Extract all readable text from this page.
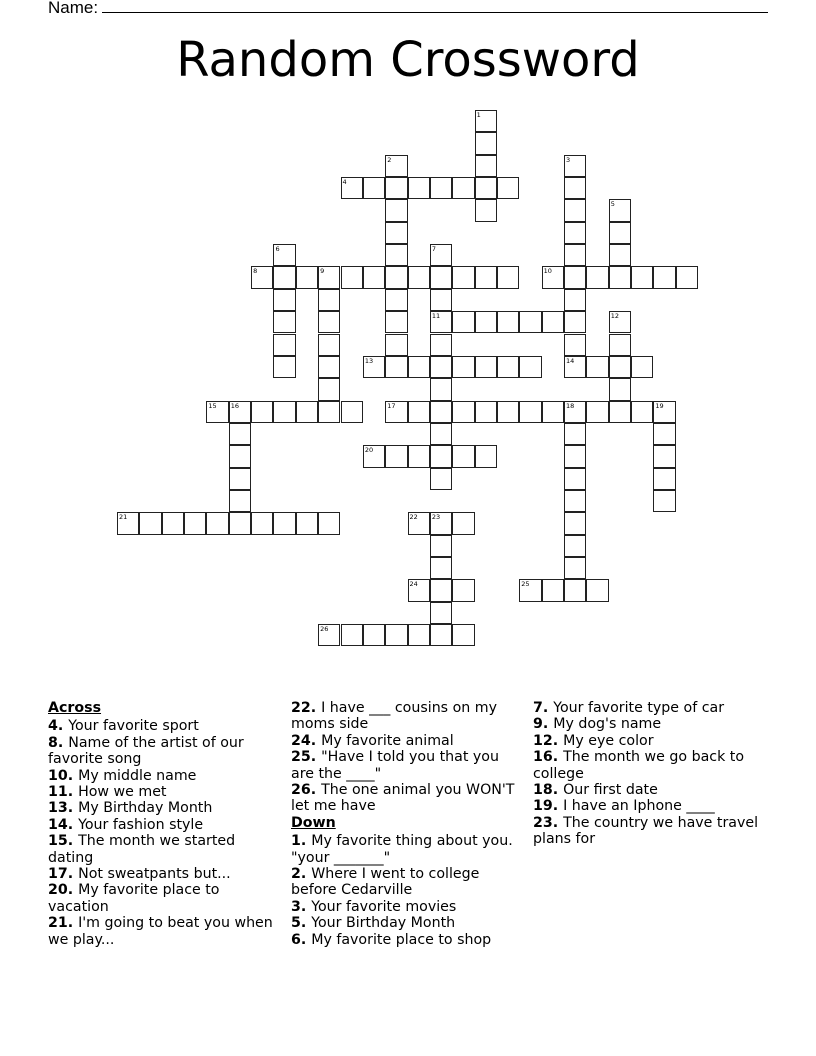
Name:
Random Crossword
1
2	3
4
5
6	7
11
8	9	10
12
13	14
15 16	17	18	19
20
21	22 23
24	25
26
Across
4. Your favorite sport
8. Name of the artist of our favorite song
10. My middle name
11. How we met
13. My Birthday Month
14. Your fashion style
15. The month we started dating
17. Not sweatpants but...
20. My favorite place to vacation
21. I'm going to beat you when we play...
22. I have ___ cousins on my moms side
24. My favorite animal
25. "Have I told you that you are the ____"
26. The one animal you WON'T let me have
Down
1. My favorite thing about you. "your _______"
2. Where I went to college before Cedarville
3. Your favorite movies
5. Your Birthday Month
6. My favorite place to shop
7. Your favorite type of car
9. My dog's name
12. My eye color
16. The month we go back to college
18. Our first date
19. I have an Iphone ____
23. The country we have travel plans for
